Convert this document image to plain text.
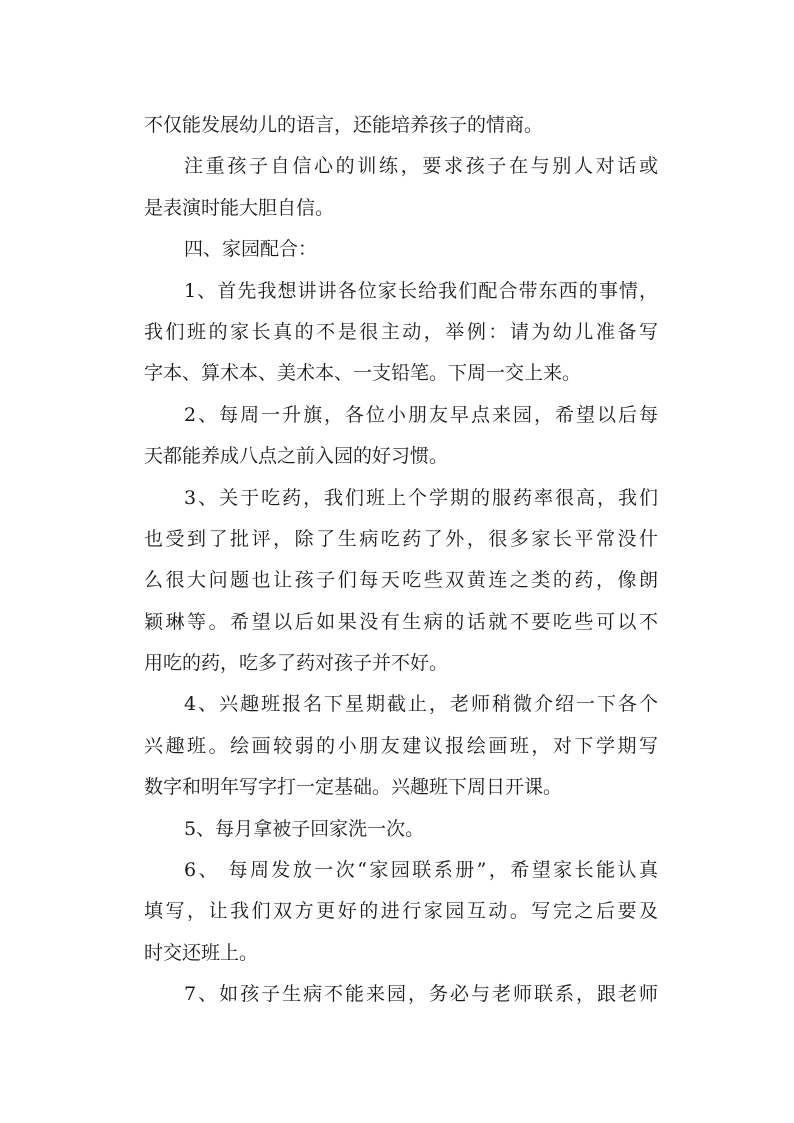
不仅能发展幼儿的语言，还能培养孩子的情商。
注重孩子自信心的训练，要求孩子在与别人对话或
是表演时能大胆自信。
四、家园配合：
1、首先我想讲讲各位家长给我们配合带东西的事情，
我们班的家长真的不是很主动，举例：请为幼儿准备写
字本、算术本、美术本、一支铅笔。下周一交上来。
2、每周一升旗，各位小朋友早点来园，希望以后每
天都能养成八点之前入园的好习惯。
3、关于吃药，我们班上个学期的服药率很高，我们
也受到了批评，除了生病吃药了外，很多家长平常没什
么很大问题也让孩子们每天吃些双黄连之类的药，像朗
颖琳等。希望以后如果没有生病的话就不要吃些可以不
用吃的药，吃多了药对孩子并不好。
4、兴趣班报名下星期截止，老师稍微介绍一下各个
兴趣班。绘画较弱的小朋友建议报绘画班，对下学期写
数字和明年写字打一定基础。兴趣班下周日开课。
5、每月拿被子回家洗一次。
6、 每周发放一次“家园联系册”，希望家长能认真
填写，让我们双方更好的进行家园互动。写完之后要及
时交还班上。
7、如孩子生病不能来园，务必与老师联系，跟老师
